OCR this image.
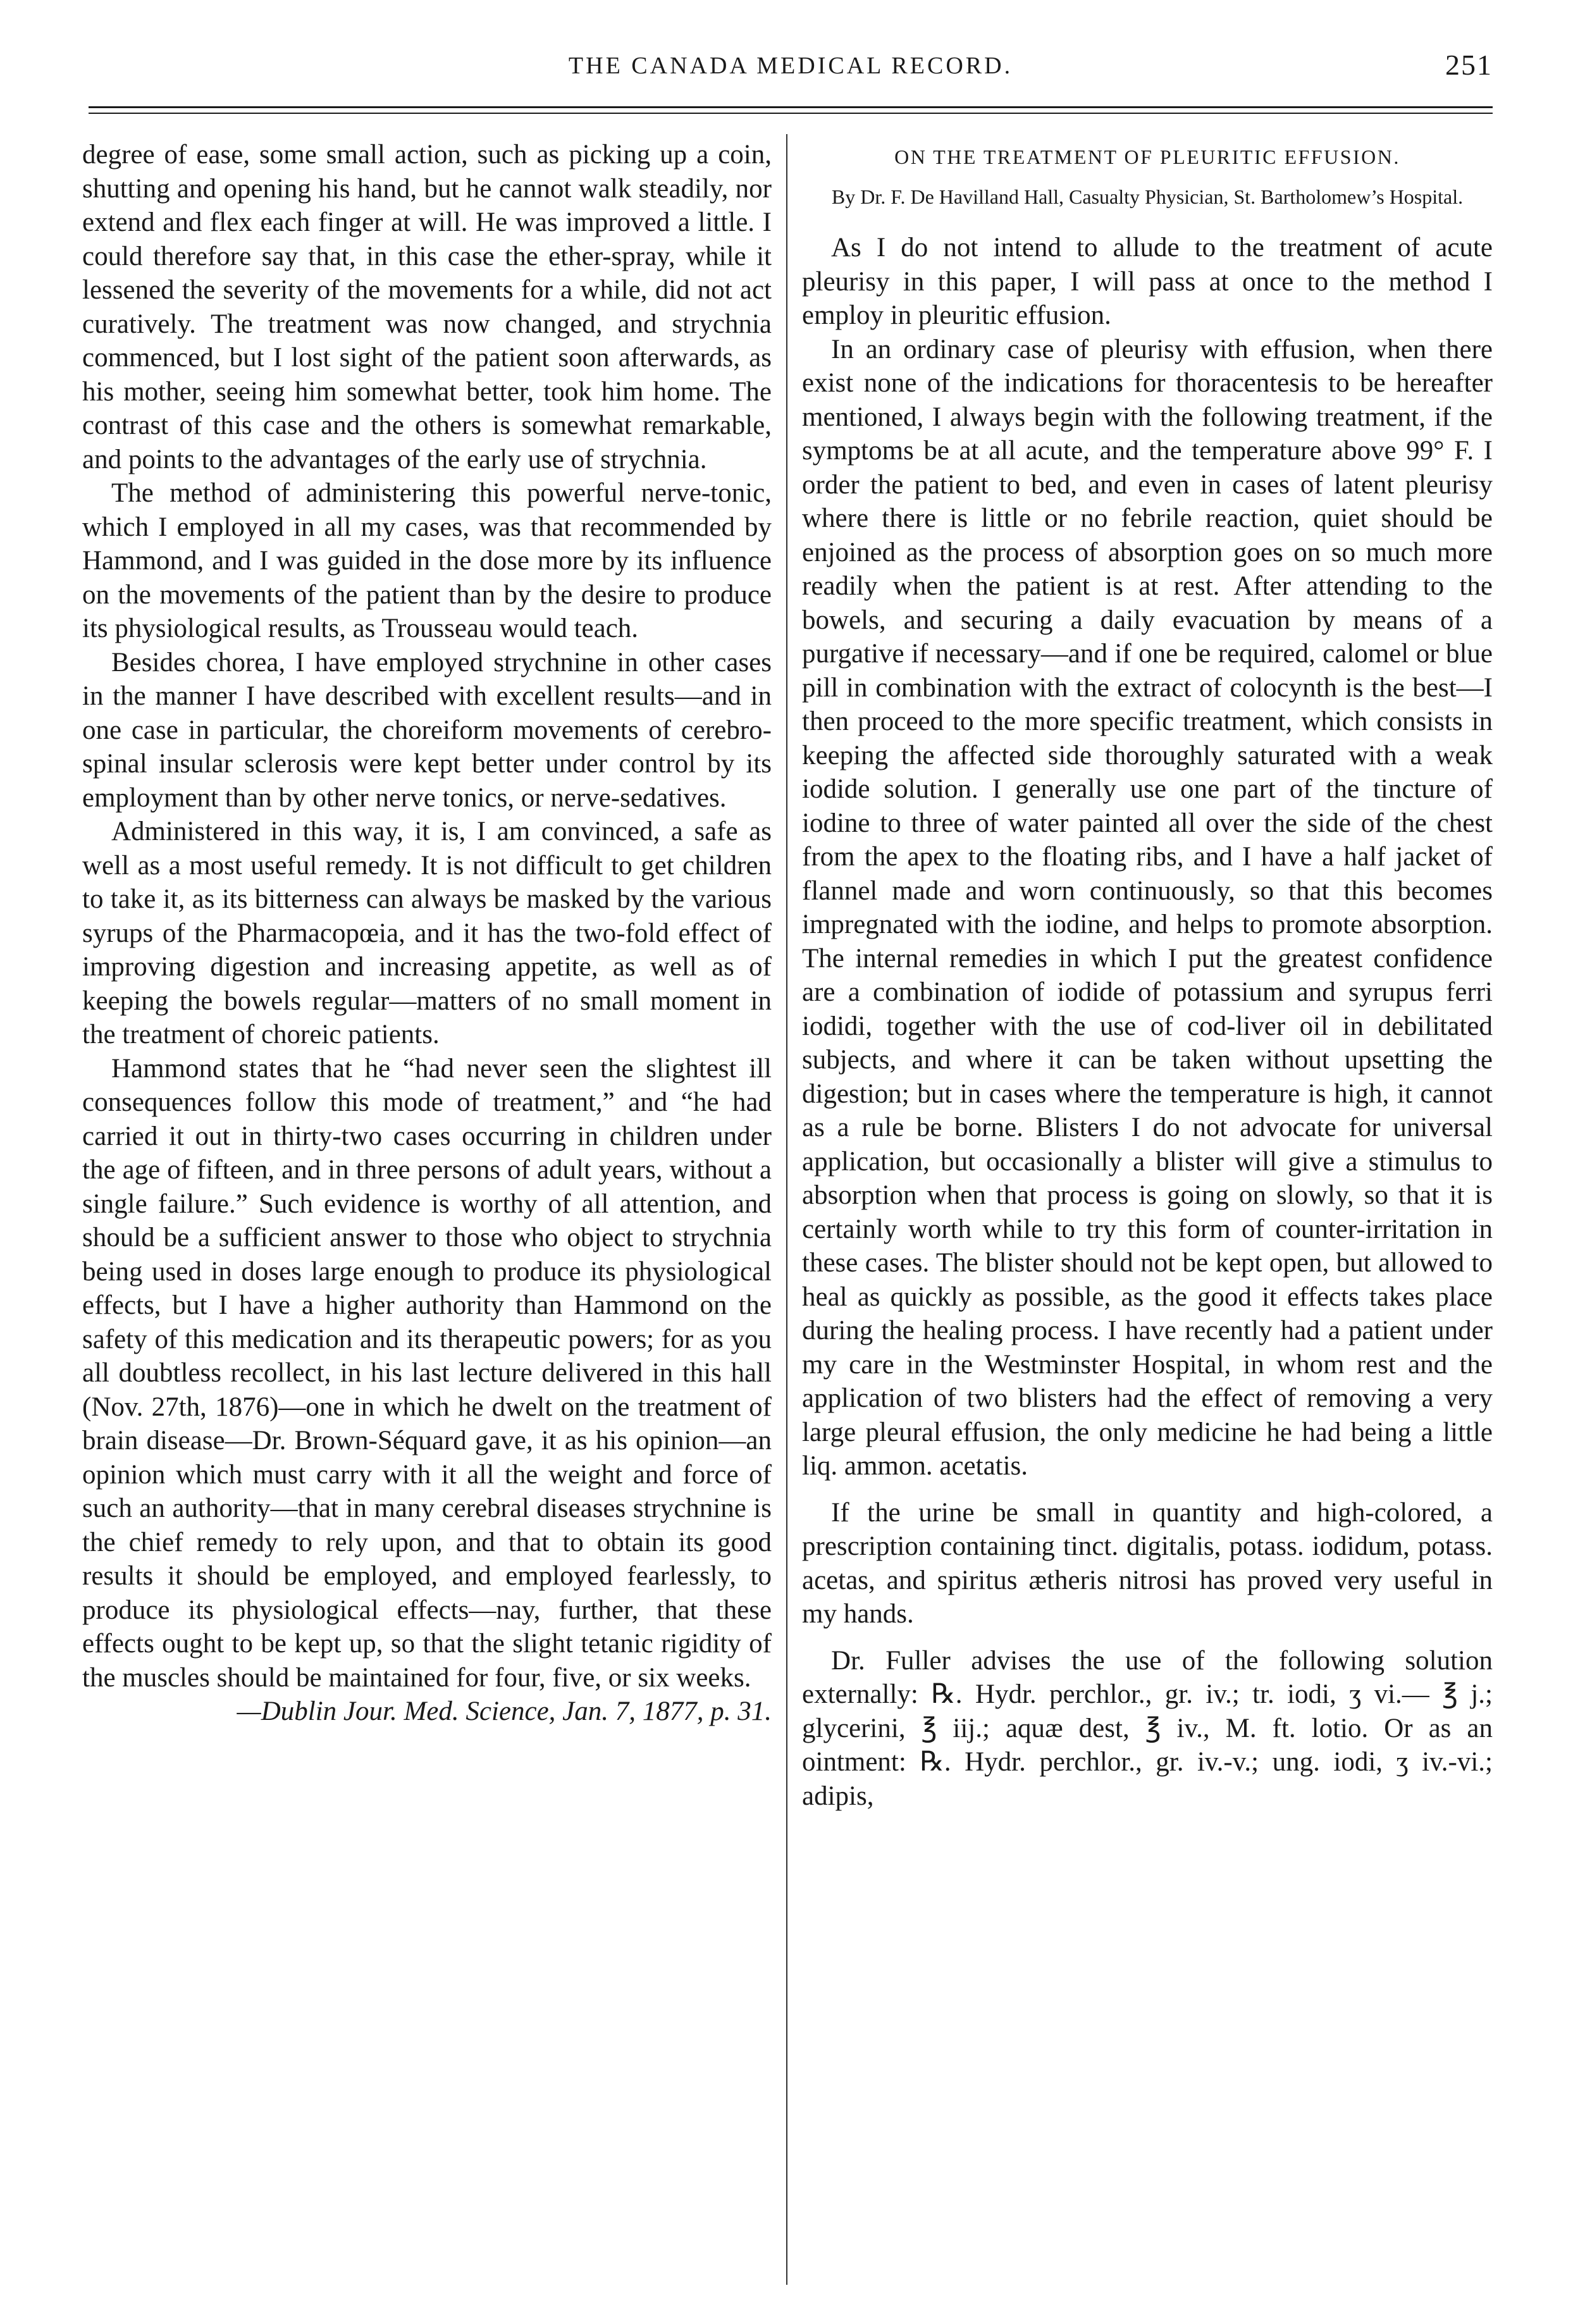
THE CANADA MEDICAL RECORD.	251

degree of ease, some small action, such as picking up a coin, shutting and opening his hand, but he cannot walk steadily, nor extend and flex each finger at will. He was improved a little. I could therefore say that, in this case the ether-spray, while it lessened the severity of the movements for a while, did not act curatively. The treatment was now changed, and strychnia commenced, but I lost sight of the patient soon afterwards, as his mother, seeing him somewhat better, took him home. The contrast of this case and the others is somewhat remarkable, and points to the advantages of the early use of strychnia.

The method of administering this powerful nerve-tonic, which I employed in all my cases, was that recommended by Hammond, and I was guided in the dose more by its influence on the movements of the patient than by the desire to produce its physiological results, as Trousseau would teach.

Besides chorea, I have employed strychnine in other cases in the manner I have described with excellent results—and in one case in particular, the choreiform movements of cerebro-spinal insular sclerosis were kept better under control by its employment than by other nerve tonics, or nerve-sedatives.

Administered in this way, it is, I am convinced, a safe as well as a most useful remedy. It is not difficult to get children to take it, as its bitterness can always be masked by the various syrups of the Pharmacopœia, and it has the two-fold effect of improving digestion and increasing appetite, as well as of keeping the bowels regular—matters of no small moment in the treatment of choreic patients.

Hammond states that he “had never seen the slightest ill consequences follow this mode of treatment,” and “he had carried it out in thirty-two cases occurring in children under the age of fifteen, and in three persons of adult years, without a single failure.” Such evidence is worthy of all attention, and should be a sufficient answer to those who object to strychnia being used in doses large enough to produce its physiological effects, but I have a higher authority than Hammond on the safety of this medication and its therapeutic powers; for as you all doubtless recollect, in his last lecture delivered in this hall (Nov. 27th, 1876)—one in which he dwelt on the treatment of brain disease—Dr. Brown-Séquard gave, it as his opinion—an opinion which must carry with it all the weight and force of such an authority—that in many cerebral diseases strychnine is the chief remedy to rely upon, and that to obtain its good results it should be employed, and employed fearlessly, to produce its physiological effects—nay, further, that these effects ought to be kept up, so that the slight tetanic rigidity of the muscles should be maintained for four, five, or six weeks.

—Dublin Jour. Med. Science, Jan. 7, 1877, p. 31.

ON THE TREATMENT OF PLEURITIC EFFUSION.
By Dr. F. De Havilland Hall, Casualty Physician, St. Bartholomew’s Hospital.

As I do not intend to allude to the treatment of acute pleurisy in this paper, I will pass at once to the method I employ in pleuritic effusion.

In an ordinary case of pleurisy with effusion, when there exist none of the indications for thoracentesis to be hereafter mentioned, I always begin with the following treatment, if the symptoms be at all acute, and the temperature above 99° F. I order the patient to bed, and even in cases of latent pleurisy where there is little or no febrile reaction, quiet should be enjoined as the process of absorption goes on so much more readily when the patient is at rest. After attending to the bowels, and securing a daily evacuation by means of a purgative if necessary—and if one be required, calomel or blue pill in combination with the extract of colocynth is the best—I then proceed to the more specific treatment, which consists in keeping the affected side thoroughly saturated with a weak iodide solution. I generally use one part of the tincture of iodine to three of water painted all over the side of the chest from the apex to the floating ribs, and I have a half jacket of flannel made and worn continuously, so that this becomes impregnated with the iodine, and helps to promote absorption. The internal remedies in which I put the greatest confidence are a combination of iodide of potassium and syrupus ferri iodidi, together with the use of cod-liver oil in debilitated subjects, and where it can be taken without upsetting the digestion; but in cases where the temperature is high, it cannot as a rule be borne. Blisters I do not advocate for universal application, but occasionally a blister will give a stimulus to absorption when that process is going on slowly, so that it is certainly worth while to try this form of counter-irritation in these cases. The blister should not be kept open, but allowed to heal as quickly as possible, as the good it effects takes place during the healing process. I have recently had a patient under my care in the Westminster Hospital, in whom rest and the application of two blisters had the effect of removing a very large pleural effusion, the only medicine he had being a little liq. ammon. acetatis.

If the urine be small in quantity and high-colored, a prescription containing tinct. digitalis, potass. iodidum, potass. acetas, and spiritus ætheris nitrosi has proved very useful in my hands.

Dr. Fuller advises the use of the following solution externally: ℞. Hydr. perchlor., gr. iv.; tr. iodi, ʒ vi.— ℥ j.; glycerini, ℥ iij.; aquæ dest, ℥ iv., M. ft. lotio. Or as an ointment: ℞. Hydr. perchlor., gr. iv.-v.; ung. iodi, ʒ iv.-vi.; adipis,
